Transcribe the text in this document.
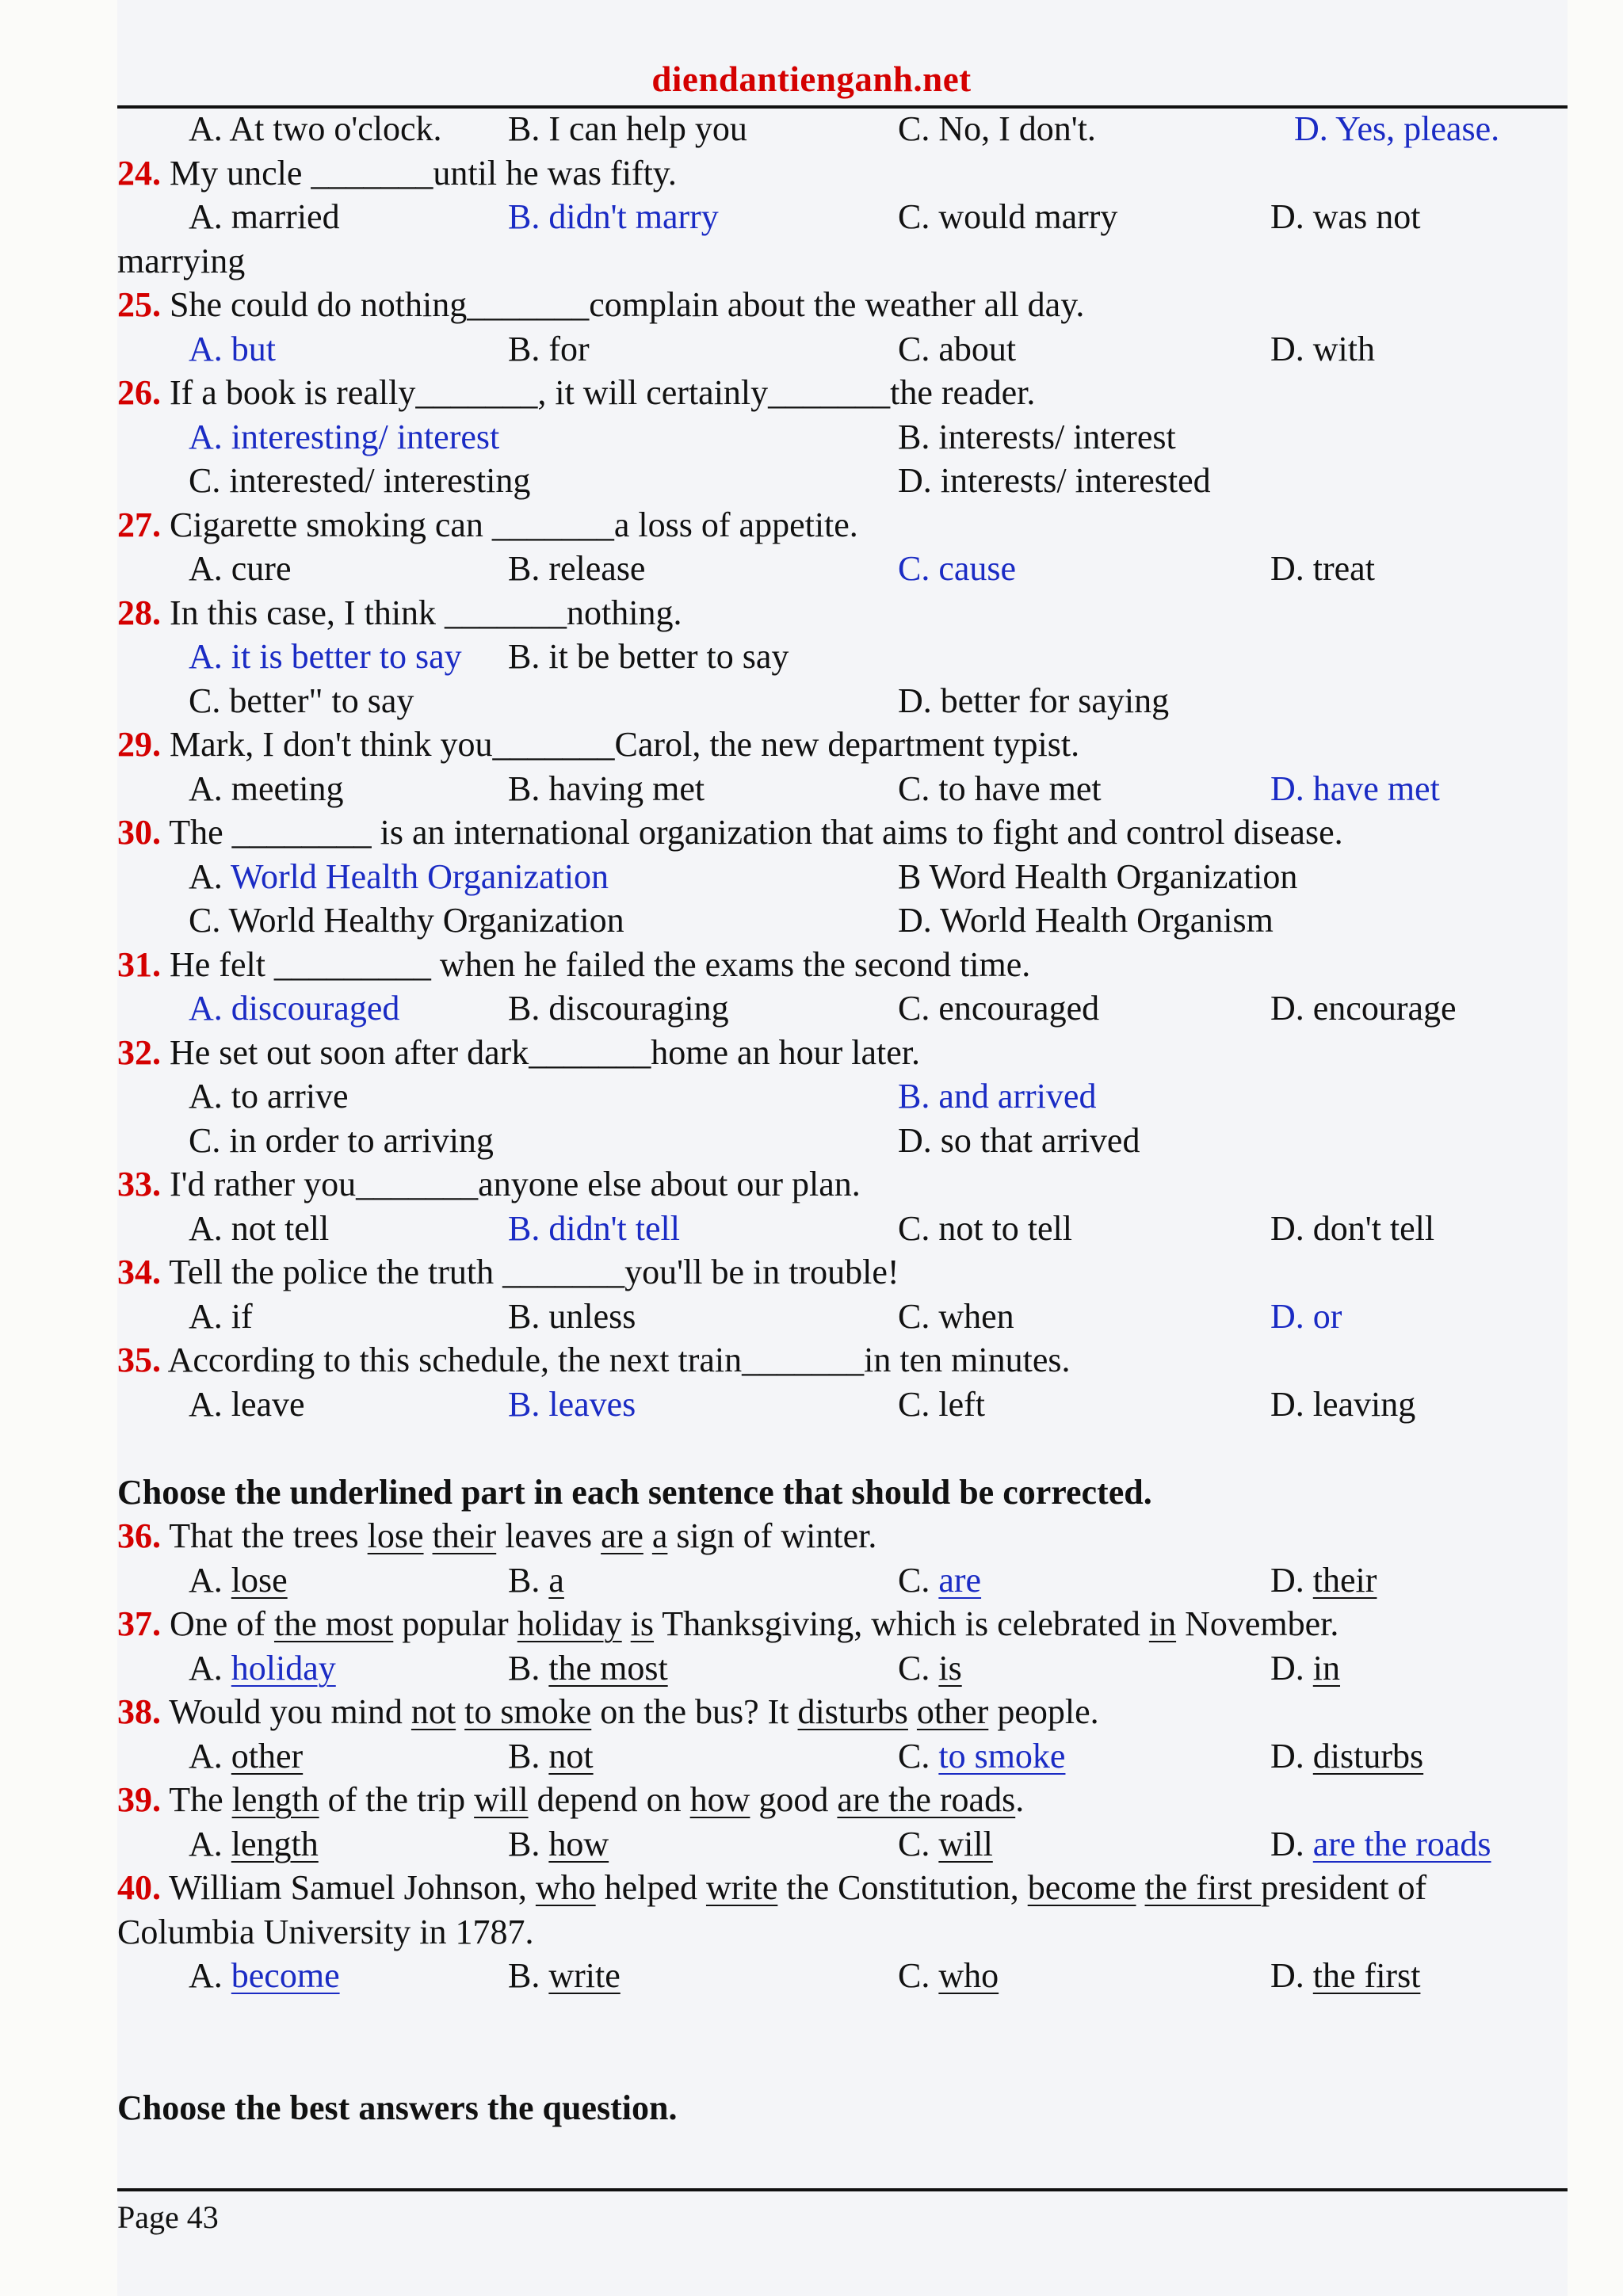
diendantienganh.net
A. At two o'clock. B. I can help you	C. No, I don't.	D. Yes, please.
24. My uncle _______until he was fifty.
A. married	B. didn't marry	C. would marry	D. was not
marrying
25. She could do nothing_______complain about the weather all day.
A. but	B. for	C. about	D. with
26. If a book is really_______, it will certainly_______the reader.
A. interesting/ interest	B. interests/ interest
C. interested/ interesting	D. interests/ interested
27. Cigarette smoking can _______a loss of appetite.
A. cure	B. release	C. cause	D. treat
28. In this case, I think _______nothing.
A. it is better to say B. it be better to say
C. better" to say	D. better for saying
29. Mark, I don't think you_______Carol, the new department typist.
A. meeting	B. having met	C. to have met	D. have met
30. The ________ is an international organization that aims to fight and control disease.
A. World Health Organization	B Word Health Organization
C. World Healthy Organization	D. World Health Organism
31. He felt _________ when he failed the exams the second time.
A. discouraged	B. discouraging	C. encouraged	D. encourage
32. He set out soon after dark_______home an hour later.
A. to arrive	B. and arrived
C. in order to arriving	D. so that arrived
33. I'd rather you_______anyone else about our plan.
A. not tell	B. didn't tell	C. not to tell	D. don't tell
34. Tell the police the truth _______you'll be in trouble!
A. if	B. unless	C. when	D. or
35. According to this schedule, the next train_______in ten minutes.
A. leave	B. leaves	C. left	D. leaving
Choose the underlined part in each sentence that should be corrected.
36. That the trees lose their leaves are a sign of winter.
A. lose	B. a	C. are	D. their
37. One of the most popular holiday is Thanksgiving, which is celebrated in November.
A. holiday	B. the most	C. is	D. in
38. Would you mind not to smoke on the bus? It disturbs other people.
A. other	B. not	C. to smoke	D. disturbs
39. The length of the trip will depend on how good are the roads.
A. length	B. how	C. will	D. are the roads
40. William Samuel Johnson, who helped write the Constitution, become the first president of
Columbia University in 1787.
A. become	B. write	C. who	D. the first
Choose the best answers the question.
Page 43
